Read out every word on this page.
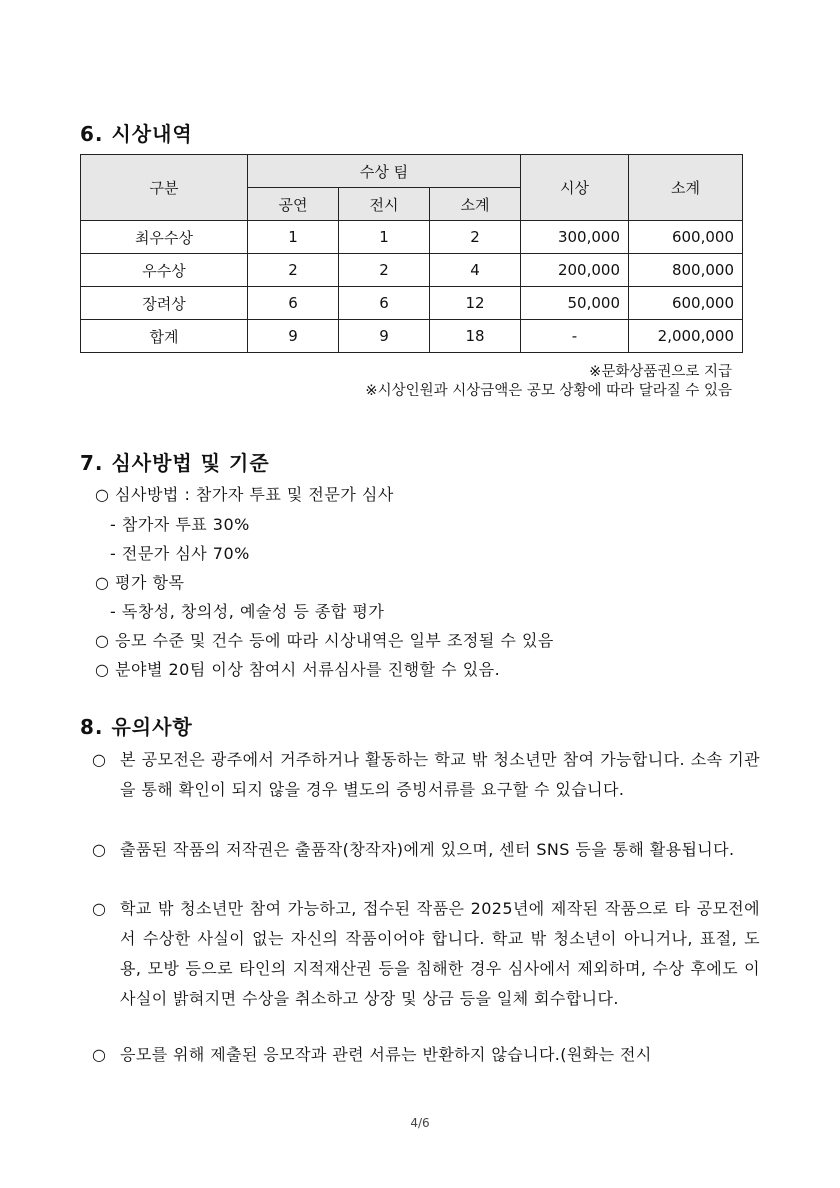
6. 시상내역
구분	수상 팀			시상	소계
	공연	전시	소계		
최우수상	1	1	2	300,000	600,000
우수상	2	2	4	200,000	800,000
장려상	6	6	12	50,000	600,000
합계	9	9	18	-	2,000,000
※문화상품권으로 지급
※시상인원과 시상금액은 공모 상황에 따라 달라질 수 있음
7. 심사방법 및 기준
○ 심사방법 : 참가자 투표 및 전문가 심사
- 참가자 투표 30%
- 전문가 심사 70%
○ 평가 항목
- 독창성, 창의성, 예술성 등 종합 평가
○ 응모 수준 및 건수 등에 따라 시상내역은 일부 조정될 수 있음
○ 분야별 20팀 이상 참여시 서류심사를 진행할 수 있음.
8. 유의사항
○ 본 공모전은 광주에서 거주하거나 활동하는 학교 밖 청소년만 참여 가능합니다. 소속 기관을 통해 확인이 되지 않을 경우 별도의 증빙서류를 요구할 수 있습니다.
○ 출품된 작품의 저작권은 출품작(창작자)에게 있으며, 센터 SNS 등을 통해 활용됩니다.
○ 학교 밖 청소년만 참여 가능하고, 접수된 작품은 2025년에 제작된 작품으로 타 공모전에서 수상한 사실이 없는 자신의 작품이어야 합니다. 학교 밖 청소년이 아니거나, 표절, 도용, 모방 등으로 타인의 지적재산권 등을 침해한 경우 심사에서 제외하며, 수상 후에도 이 사실이 밝혀지면 수상을 취소하고 상장 및 상금 등을 일체 회수합니다.
○ 응모를 위해 제출된 응모작과 관련 서류는 반환하지 않습니다.(원화는 전시
4/6
